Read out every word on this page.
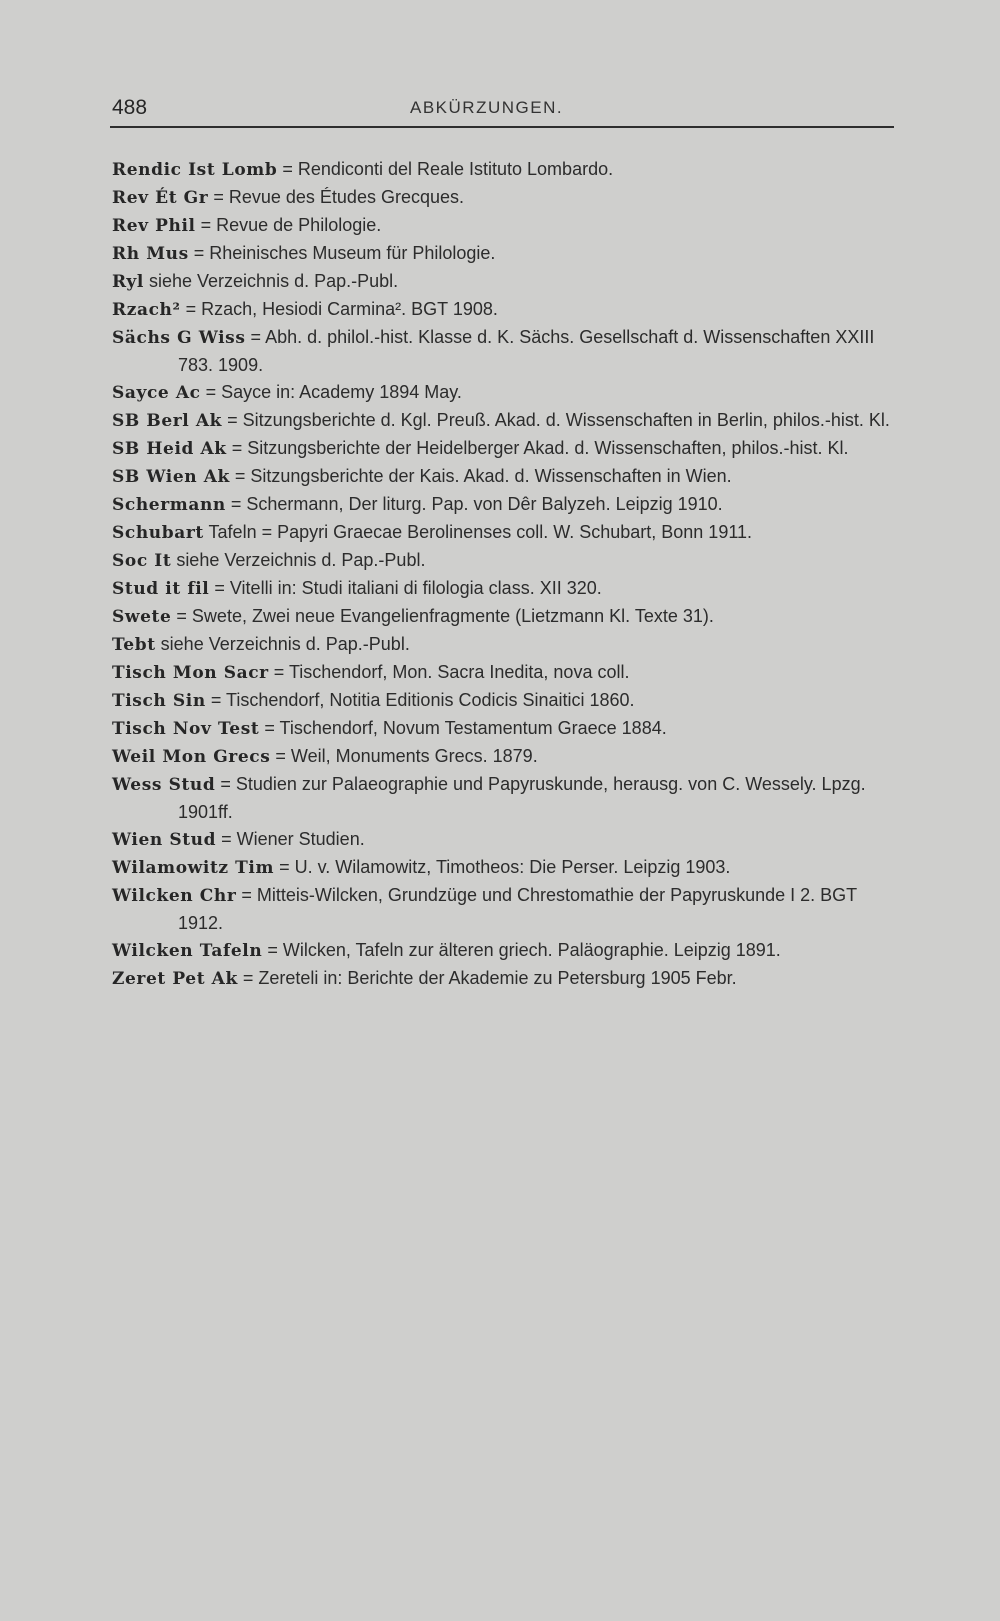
488	ABKÜRZUNGEN.
Rendic Ist Lomb = Rendiconti del Reale Istituto Lombardo.
Rev Ét Gr = Revue des Études Grecques.
Rev Phil = Revue de Philologie.
Rh Mus = Rheinisches Museum für Philologie.
Ryl siehe Verzeichnis d. Pap.-Publ.
Rzach² = Rzach, Hesiodi Carmina². BGT 1908.
Sächs G Wiss = Abh. d. philol.-hist. Klasse d. K. Sächs. Gesellschaft d. Wissenschaften XXIII 783. 1909.
Sayce Ac = Sayce in: Academy 1894 May.
SB Berl Ak = Sitzungsberichte d. Kgl. Preuß. Akad. d. Wissenschaften in Berlin, philos.-hist. Kl.
SB Heid Ak = Sitzungsberichte der Heidelberger Akad. d. Wissenschaften, philos.-hist. Kl.
SB Wien Ak = Sitzungsberichte der Kais. Akad. d. Wissenschaften in Wien.
Schermann = Schermann, Der liturg. Pap. von Dêr Balyzeh. Leipzig 1910.
Schubart Tafeln = Papyri Graecae Berolinenses coll. W. Schubart, Bonn 1911.
Soc It siehe Verzeichnis d. Pap.-Publ.
Stud it fil = Vitelli in: Studi italiani di filologia class. XII 320.
Swete = Swete, Zwei neue Evangelienfragmente (Lietzmann Kl. Texte 31).
Tebt siehe Verzeichnis d. Pap.-Publ.
Tisch Mon Sacr = Tischendorf, Mon. Sacra Inedita, nova coll.
Tisch Sin = Tischendorf, Notitia Editionis Codicis Sinaitici 1860.
Tisch Nov Test = Tischendorf, Novum Testamentum Graece 1884.
Weil Mon Grecs = Weil, Monuments Grecs. 1879.
Wess Stud = Studien zur Palaeographie und Papyruskunde, herausg. von C. Wessely. Lpzg. 1901ff.
Wien Stud = Wiener Studien.
Wilamowitz Tim = U. v. Wilamowitz, Timotheos: Die Perser. Leipzig 1903.
Wilcken Chr = Mitteis-Wilcken, Grundzüge und Chrestomathie der Papyruskunde I 2. BGT 1912.
Wilcken Tafeln = Wilcken, Tafeln zur älteren griech. Paläographie. Leipzig 1891.
Zeret Pet Ak = Zereteli in: Berichte der Akademie zu Petersburg 1905 Febr.
